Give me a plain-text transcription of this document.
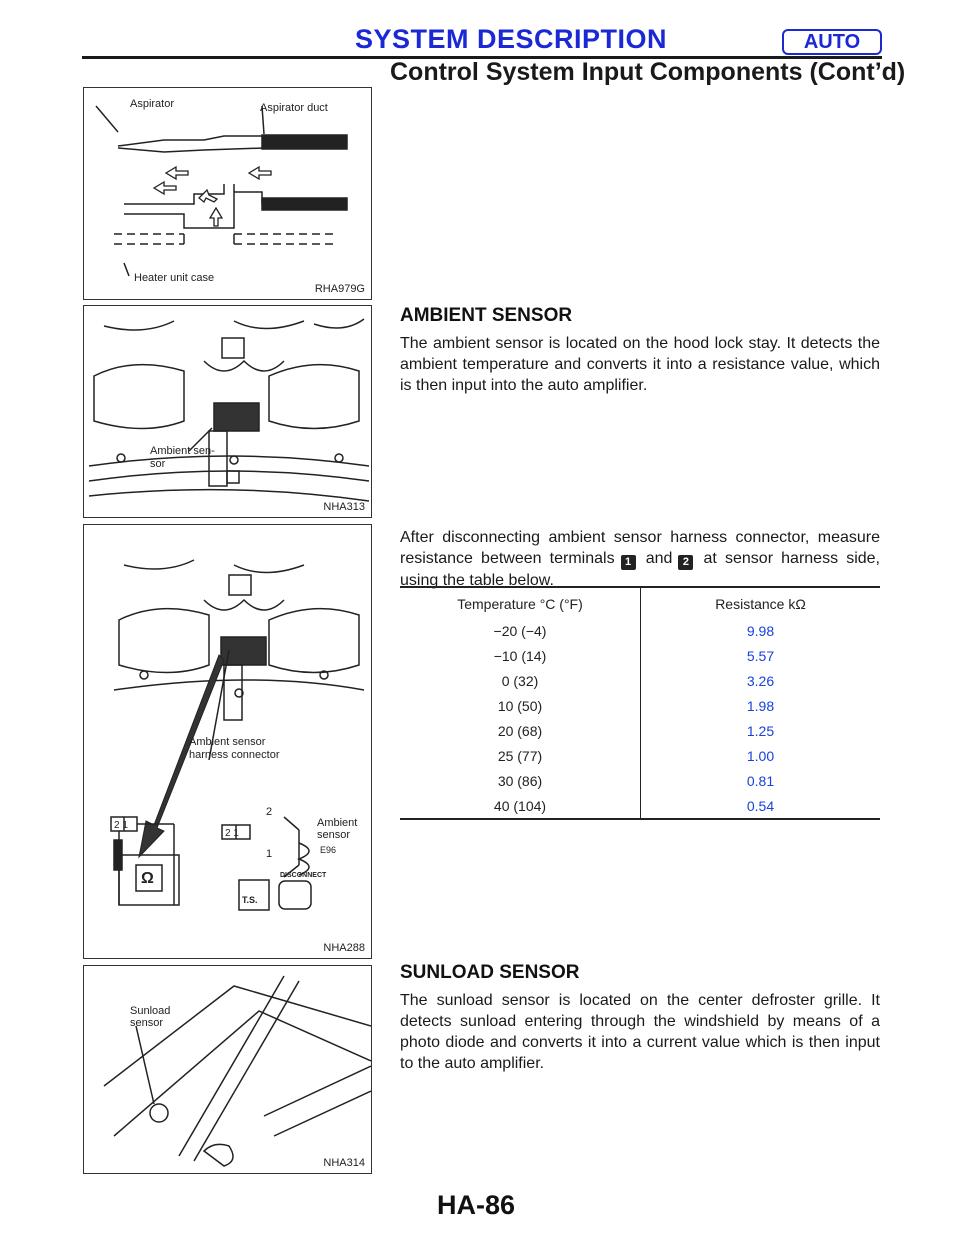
SYSTEM DESCRIPTION	AUTO
Control System Input Components (Cont’d)
Aspirator	Aspirator duct
Heater unit case
RHA979G
Ambient sen-
sor
NHA313
2 1
2 1
Ω
2
1
Ambient sensor
harness connector
Ambient
sensor
E96
DISCONNECT
T.S.
NHA288
Sunload
sensor
NHA314
AMBIENT SENSOR

The ambient sensor is located on the hood lock stay. It detects the ambient temperature and converts it into a resistance value, which is then input into the auto amplifier.

After disconnecting ambient sensor harness connector, measure resistance between terminals 1 and 2 at sensor harness side, using the table below.

Temperature °C (°F)	Resistance kΩ
−20 (−4)	9.98
−10 (14)	5.57
0 (32)	3.26
10 (50)	1.98
20 (68)	1.25
25 (77)	1.00
30 (86)	0.81
40 (104)	0.54
SUNLOAD SENSOR

The sunload sensor is located on the center defroster grille. It detects sunload entering through the windshield by means of a photo diode and converts it into a current value which is then input to the auto amplifier.

HA-86
